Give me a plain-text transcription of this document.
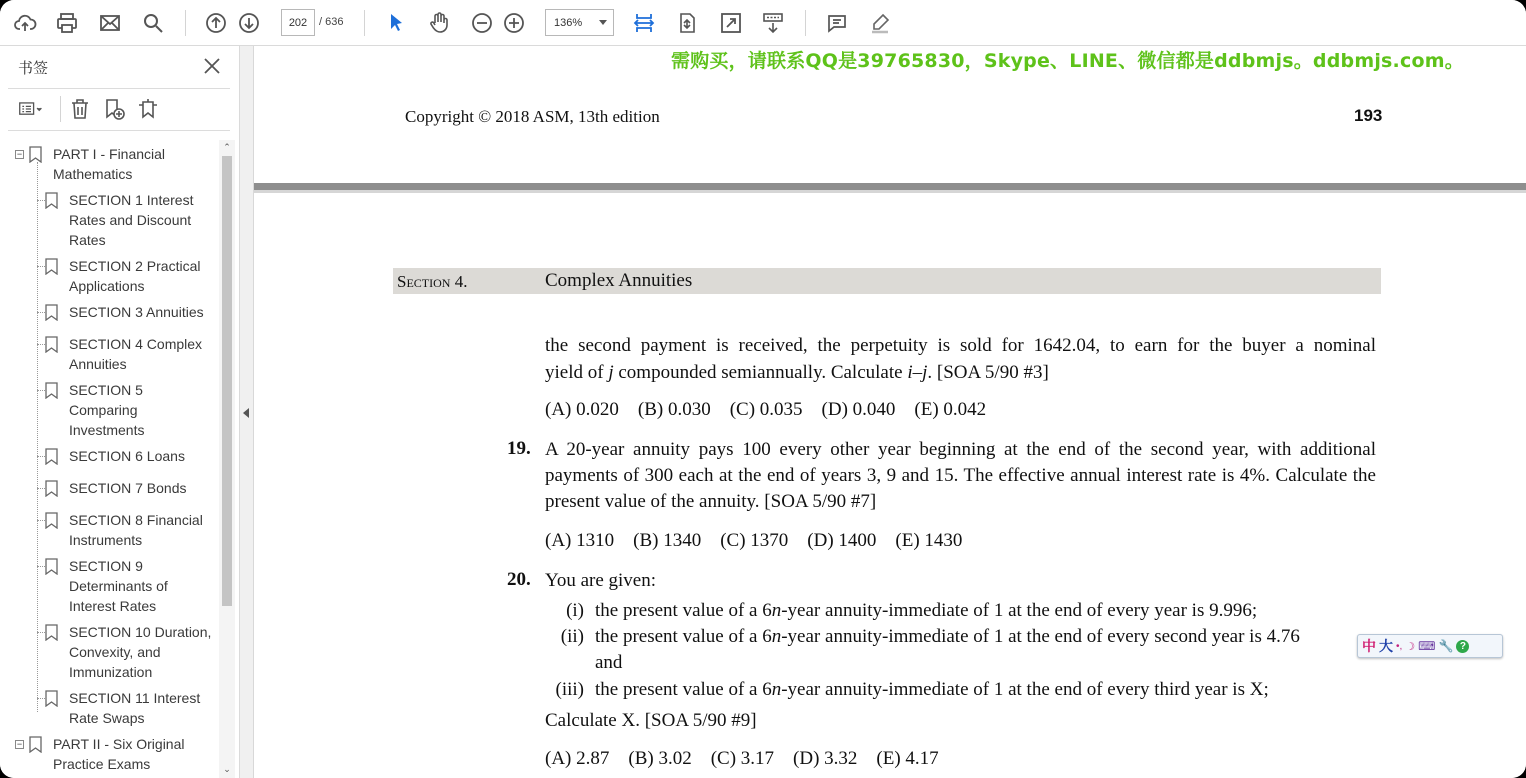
202	/ 636	136%
书签
− PART I - Financial Mathematics
SECTION 1 Interest Rates and Discount Rates
SECTION 2 Practical Applications
SECTION 3 Annuities
SECTION 4 Complex Annuities
SECTION 5 Comparing Investments
SECTION 6 Loans
SECTION 7 Bonds
SECTION 8 Financial Instruments
SECTION 9 Determinants of Interest Rates
SECTION 10 Duration, Convexity, and Immunization
SECTION 11 Interest Rate Swaps
− PART II - Six Original Practice Exams
⌃
⌄
需购买，请联系QQ是39765830，Skype、LINE、微信都是ddbmjs。ddbmjs.com。
Copyright © 2018 ASM, 13th edition	193
Section 4.	Complex Annuities
the second payment is received, the perpetuity is sold for 1642.04, to earn for the buyer a nominal
yield of j compounded semiannually. Calculate i–j. [SOA 5/90 #3]
(A) 0.020    (B) 0.030    (C) 0.035    (D) 0.040    (E) 0.042
19. A 20-year annuity pays 100 every other year beginning at the end of the second year, with additional payments of 300 each at the end of years 3, 9 and 15. The effective annual interest rate is 4%. Calculate the present value of the annuity. [SOA 5/90 #7]
(A) 1310    (B) 1340    (C) 1370    (D) 1400    (E) 1430
20. You are given:
(i) the present value of a 6n-year annuity-immediate of 1 at the end of every year is 9.996;
(ii) the present value of a 6n-year annuity-immediate of 1 at the end of every second year is 4.76
and
(iii) the present value of a 6n-year annuity-immediate of 1 at the end of every third year is X;
Calculate X. [SOA 5/90 #9]
(A) 2.87    (B) 3.02    (C) 3.17    (D) 3.32    (E) 4.17
中 大 •, ☽ ⌨ 🔧 ?
